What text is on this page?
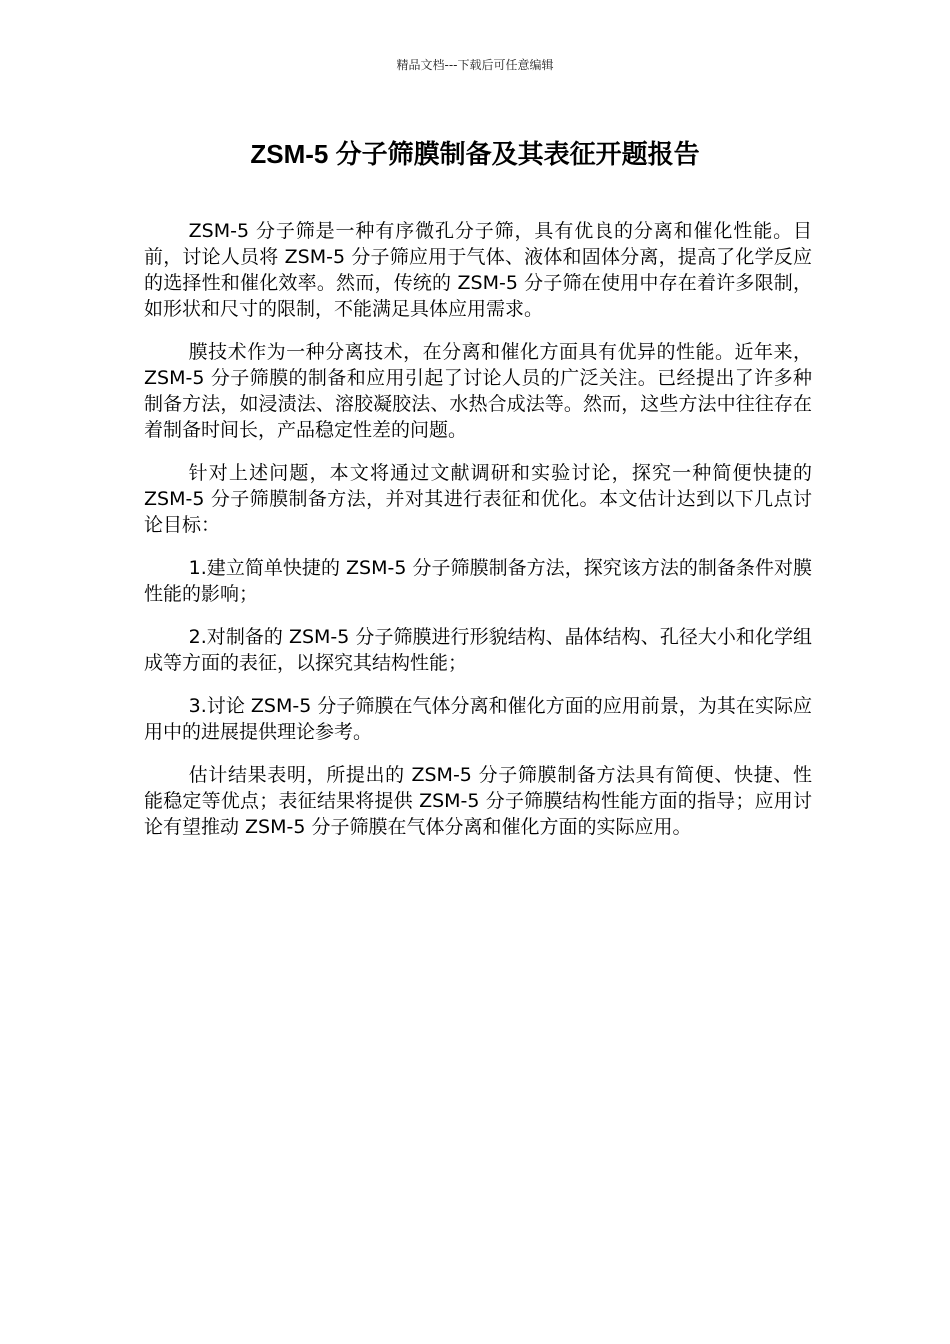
精品文档---下载后可任意编辑
ZSM-5 分子筛膜制备及其表征开题报告

ZSM-5 分子筛是一种有序微孔分子筛，具有优良的分离和催化性能。目前，讨论人员将 ZSM-5 分子筛应用于气体、液体和固体分离，提高了化学反应的选择性和催化效率。然而，传统的 ZSM-5 分子筛在使用中存在着许多限制，如形状和尺寸的限制，不能满足具体应用需求。

膜技术作为一种分离技术，在分离和催化方面具有优异的性能。近年来，ZSM-5 分子筛膜的制备和应用引起了讨论人员的广泛关注。已经提出了许多种制备方法，如浸渍法、溶胶凝胶法、水热合成法等。然而，这些方法中往往存在着制备时间长，产品稳定性差的问题。

针对上述问题，本文将通过文献调研和实验讨论，探究一种简便快捷的 ZSM-5 分子筛膜制备方法，并对其进行表征和优化。本文估计达到以下几点讨论目标：

1.建立简单快捷的 ZSM-5 分子筛膜制备方法，探究该方法的制备条件对膜性能的影响；

2.对制备的 ZSM-5 分子筛膜进行形貌结构、晶体结构、孔径大小和化学组成等方面的表征，以探究其结构性能；

3.讨论 ZSM-5 分子筛膜在气体分离和催化方面的应用前景，为其在实际应用中的进展提供理论参考。

估计结果表明，所提出的 ZSM-5 分子筛膜制备方法具有简便、快捷、性能稳定等优点；表征结果将提供 ZSM-5 分子筛膜结构性能方面的指导；应用讨论有望推动 ZSM-5 分子筛膜在气体分离和催化方面的实际应用。
